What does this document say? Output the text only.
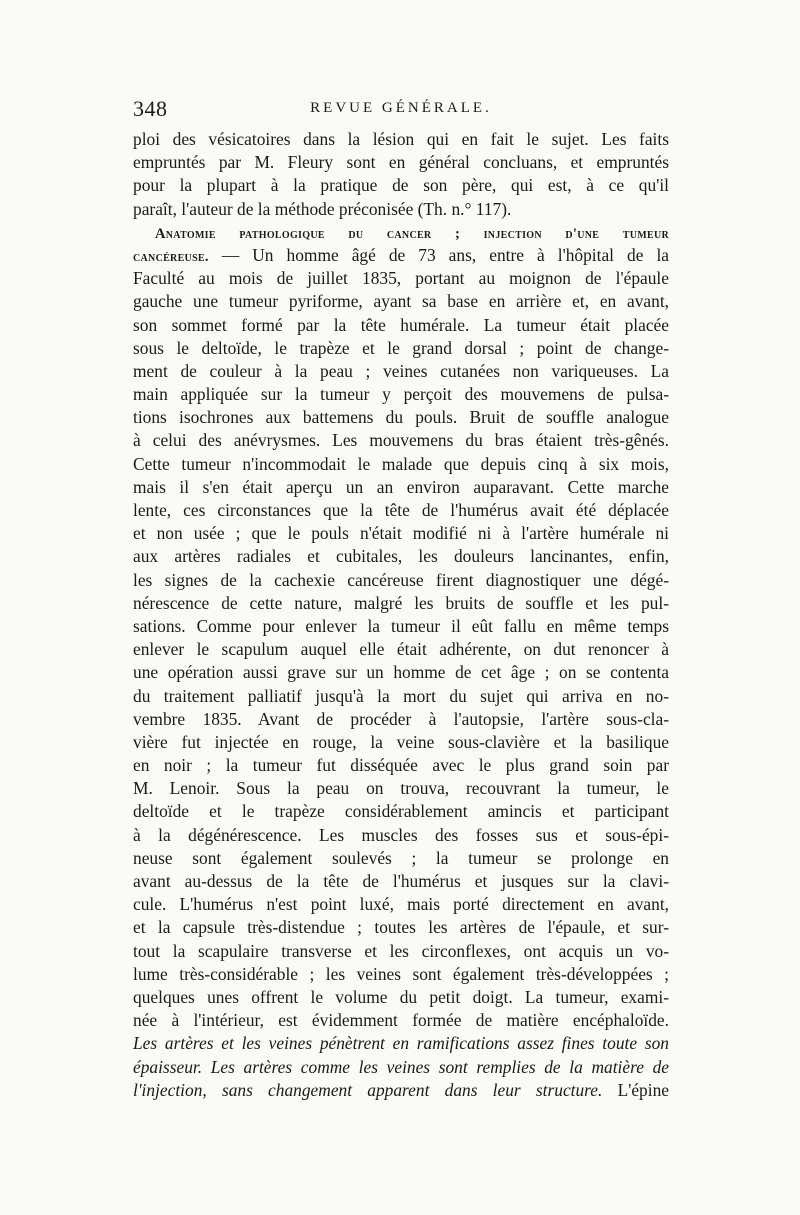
348	REVUE GÉNÉRALE.
ploi des vésicatoires dans la lésion qui en fait le sujet. Les faits
empruntés par M. Fleury sont en général concluans, et empruntés
pour la plupart à la pratique de son père, qui est, à ce qu'il
paraît, l'auteur de la méthode préconisée (Th. n.° 117).
Anatomie pathologique du cancer ; injection d'une tumeur
cancéreuse. — Un homme âgé de 73 ans, entre à l'hôpital de la
Faculté au mois de juillet 1835, portant au moignon de l'épaule
gauche une tumeur pyriforme, ayant sa base en arrière et, en avant,
son sommet formé par la tête humérale. La tumeur était placée
sous le deltoïde, le trapèze et le grand dorsal ; point de change-
ment de couleur à la peau ; veines cutanées non variqueuses. La
main appliquée sur la tumeur y perçoit des mouvemens de pulsa-
tions isochrones aux battemens du pouls. Bruit de souffle analogue
à celui des anévrysmes. Les mouvemens du bras étaient très-gênés.
Cette tumeur n'incommodait le malade que depuis cinq à six mois,
mais il s'en était aperçu un an environ auparavant. Cette marche
lente, ces circonstances que la tête de l'humérus avait été déplacée
et non usée ; que le pouls n'était modifié ni à l'artère humérale ni
aux artères radiales et cubitales, les douleurs lancinantes, enfin,
les signes de la cachexie cancéreuse firent diagnostiquer une dégé-
nérescence de cette nature, malgré les bruits de souffle et les pul-
sations. Comme pour enlever la tumeur il eût fallu en même temps
enlever le scapulum auquel elle était adhérente, on dut renoncer à
une opération aussi grave sur un homme de cet âge ; on se contenta
du traitement palliatif jusqu'à la mort du sujet qui arriva en no-
vembre 1835. Avant de procéder à l'autopsie, l'artère sous-cla-
vière fut injectée en rouge, la veine sous-clavière et la basilique
en noir ; la tumeur fut disséquée avec le plus grand soin par
M. Lenoir. Sous la peau on trouva, recouvrant la tumeur, le
deltoïde et le trapèze considérablement amincis et participant
à la dégénérescence. Les muscles des fosses sus et sous-épi-
neuse sont également soulevés ; la tumeur se prolonge en
avant au-dessus de la tête de l'humérus et jusques sur la clavi-
cule. L'humérus n'est point luxé, mais porté directement en avant,
et la capsule très-distendue ; toutes les artères de l'épaule, et sur-
tout la scapulaire transverse et les circonflexes, ont acquis un vo-
lume très-considérable ; les veines sont également très-développées ;
quelques unes offrent le volume du petit doigt. La tumeur, exami-
née à l'intérieur, est évidemment formée de matière encéphaloïde.
Les artères et les veines pénètrent en ramifications assez fines toute son
épaisseur. Les artères comme les veines sont remplies de la matière de
l'injection, sans changement apparent dans leur structure. L'épine
